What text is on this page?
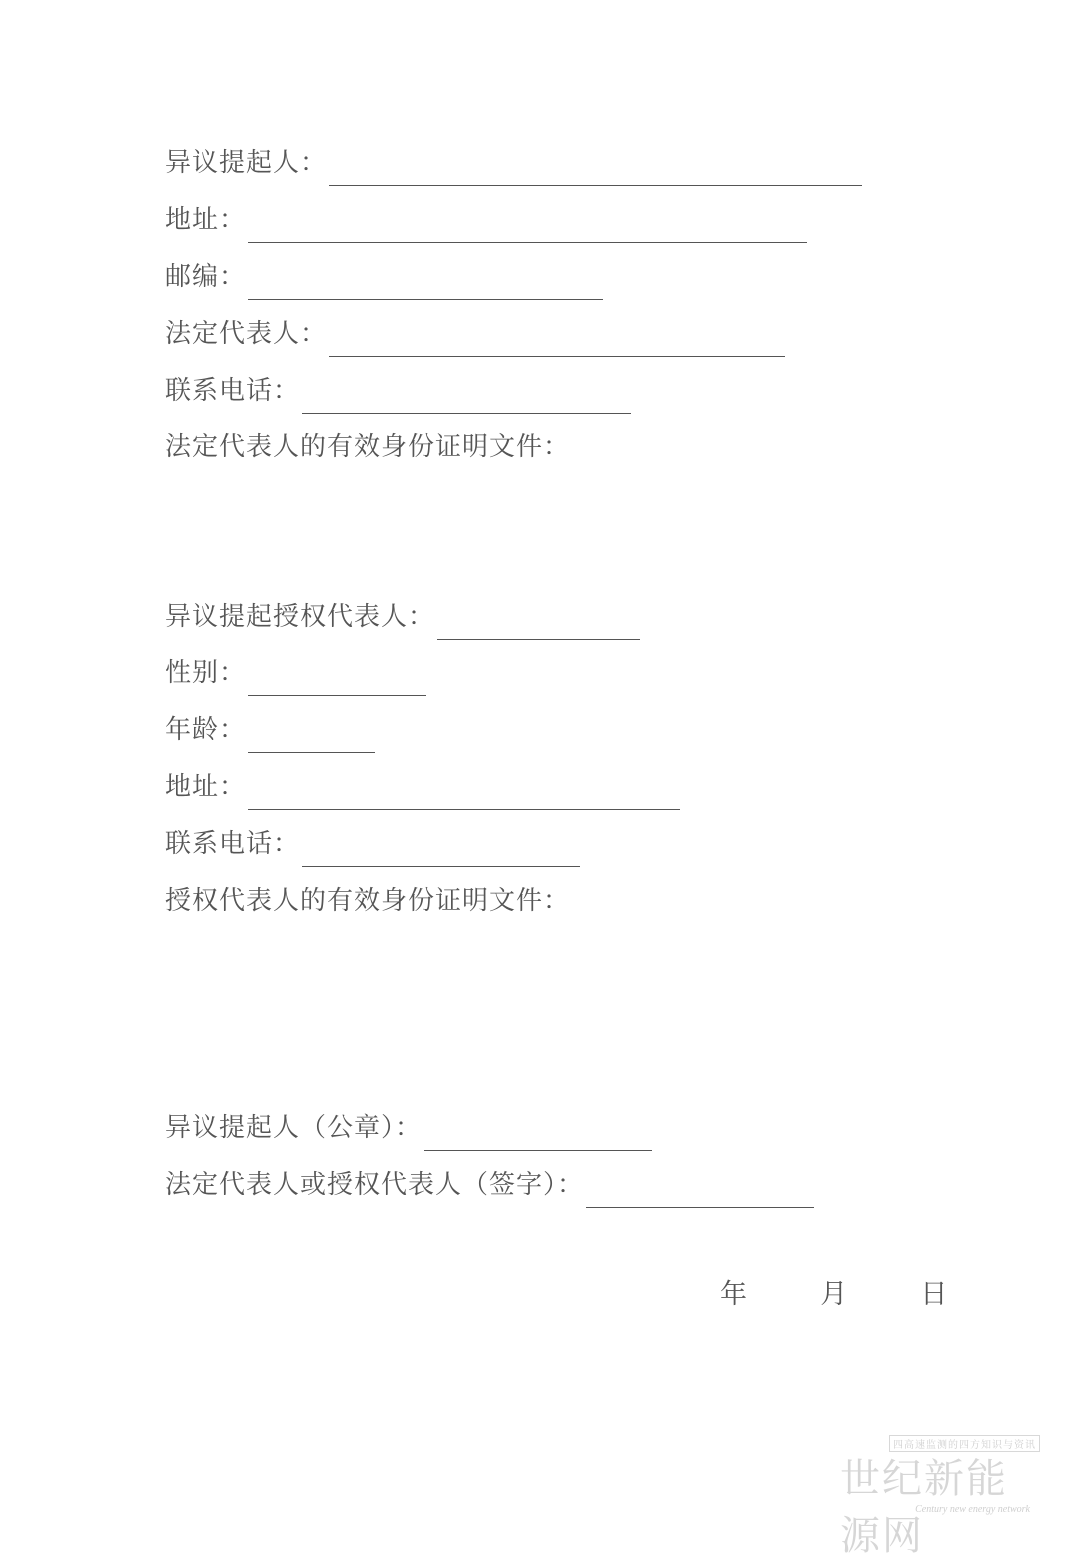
异议提起人：
地址：
邮编：
法定代表人：
联系电话：
法定代表人的有效身份证明文件：
异议提起授权代表人：
性别：
年龄：
地址：
联系电话：
授权代表人的有效身份证明文件：
异议提起人（公章）：
法定代表人或授权代表人（签字）：
年	月	日
四高速监测的四方知识与资讯
世纪新能源网
Century new energy network
